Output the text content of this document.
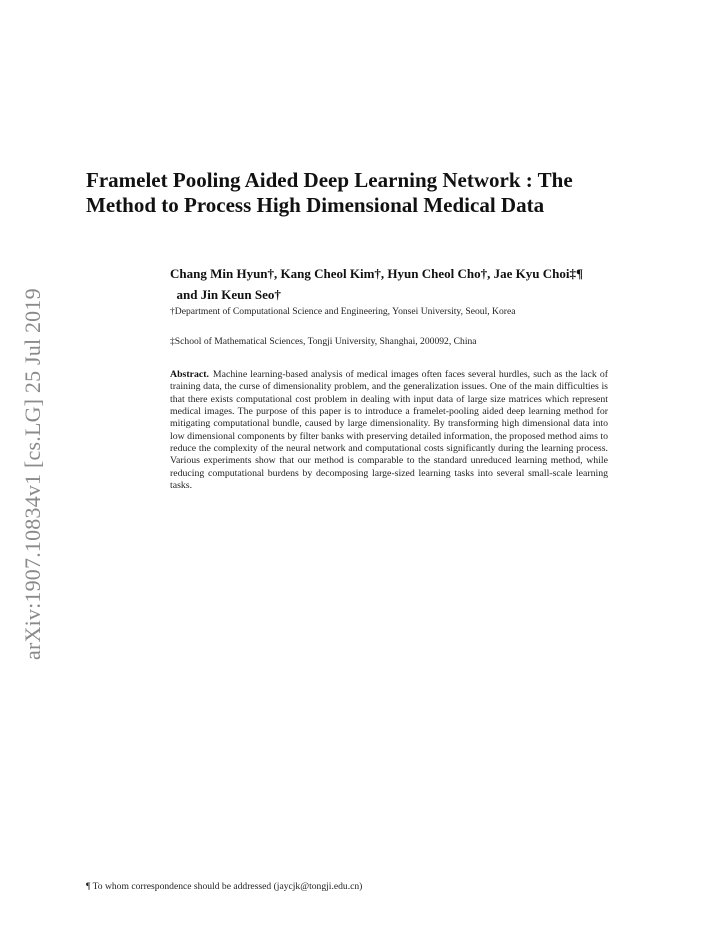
arXiv:1907.10834v1 [cs.LG] 25 Jul 2019
Framelet Pooling Aided Deep Learning Network : The Method to Process High Dimensional Medical Data
Chang Min Hyun†, Kang Cheol Kim†, Hyun Cheol Cho†, Jae Kyu Choi‡¶   and Jin Keun Seo†
†Department of Computational Science and Engineering, Yonsei University, Seoul, Korea
‡School of Mathematical Sciences, Tongji University, Shanghai, 200092, China

Abstract. Machine learning-based analysis of medical images often faces several hurdles, such as the lack of training data, the curse of dimensionality problem, and the generalization issues. One of the main difficulties is that there exists computational cost problem in dealing with input data of large size matrices which represent medical images. The purpose of this paper is to introduce a framelet-pooling aided deep learning method for mitigating computational bundle, caused by large dimensionality. By transforming high dimensional data into low dimensional components by filter banks with preserving detailed information, the proposed method aims to reduce the complexity of the neural network and computational costs significantly during the learning process. Various experiments show that our method is comparable to the standard unreduced learning method, while reducing computational burdens by decomposing large-sized learning tasks into several small-scale learning tasks.

¶ To whom correspondence should be addressed (jaycjk@tongji.edu.cn)
